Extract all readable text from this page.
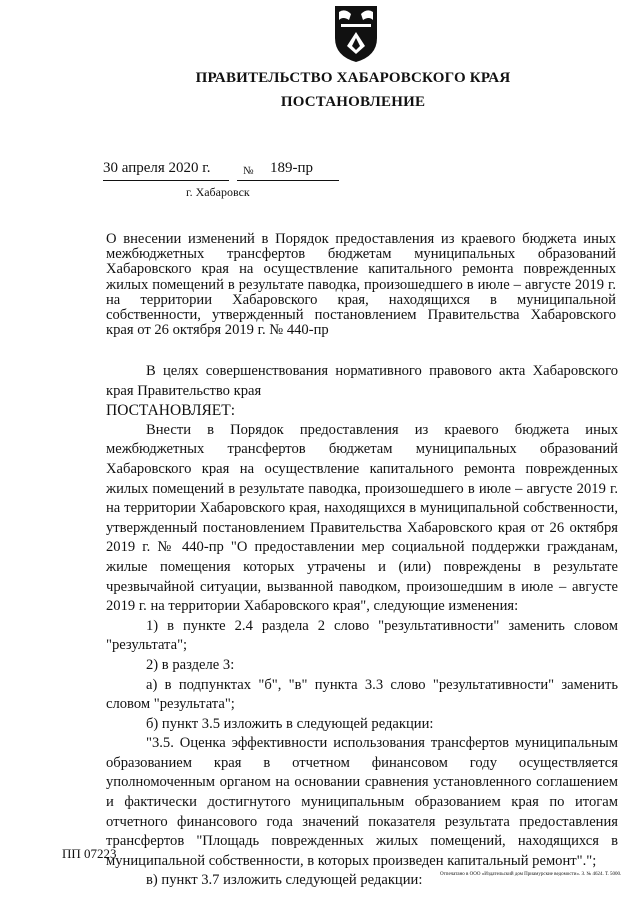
ПРАВИТЕЛЬСТВО ХАБАРОВСКОГО КРАЯ
ПОСТАНОВЛЕНИЕ
30 апреля 2020 г.	№ 189-пр
г. Хабаровск
О внесении изменений в Порядок предоставления из краевого бюджета иных межбюджетных трансфертов бюджетам муниципальных образований Хабаровского края на осуществление капитального ремонта поврежденных жилых помещений в результате паводка, произошедшего в июле – августе 2019 г. на территории Хабаровского края, находящихся в муниципальной собственности, утвержденный постановлением Правительства Хабаровского края от 26 октября 2019 г. № 440-пр

В целях совершенствования нормативного правового акта Хабаровского края Правительство края

ПОСТАНОВЛЯЕТ:

Внести в Порядок предоставления из краевого бюджета иных межбюджетных трансфертов бюджетам муниципальных образований Хабаровского края на осуществление капитального ремонта поврежденных жилых помещений в результате паводка, произошедшего в июле – августе 2019 г. на территории Хабаровского края, находящихся в муниципальной собственности, утвержденный постановлением Правительства Хабаровского края от 26 октября 2019 г. № 440-пр "О предоставлении мер социальной поддержки гражданам, жилые помещения которых утрачены и (или) повреждены в результате чрезвычайной ситуации, вызванной паводком, произошедшим в июле – августе 2019 г. на территории Хабаровского края", следующие изменения:

1) в пункте 2.4 раздела 2 слово "результативности" заменить словом "результата";

2) в разделе 3:

а) в подпунктах "б", "в" пункта 3.3 слово "результативности" заменить словом "результата";

б) пункт 3.5 изложить в следующей редакции:

"3.5. Оценка эффективности использования трансфертов муниципальным образованием края в отчетном финансовом году осуществляется уполномоченным органом на основании сравнения установленного соглашением и фактически достигнутого муниципальным образованием края по итогам отчетного финансового года значений показателя результата предоставления трансфертов "Площадь поврежденных жилых помещений, находящихся в муниципальной собственности, в которых произведен капитальный ремонт".";

в) пункт 3.7 изложить следующей редакции:

ПП 07223
Отпечатано в ООО «Издательский дом Приамурские ведомости». З. № 4624. Т. 5000.
